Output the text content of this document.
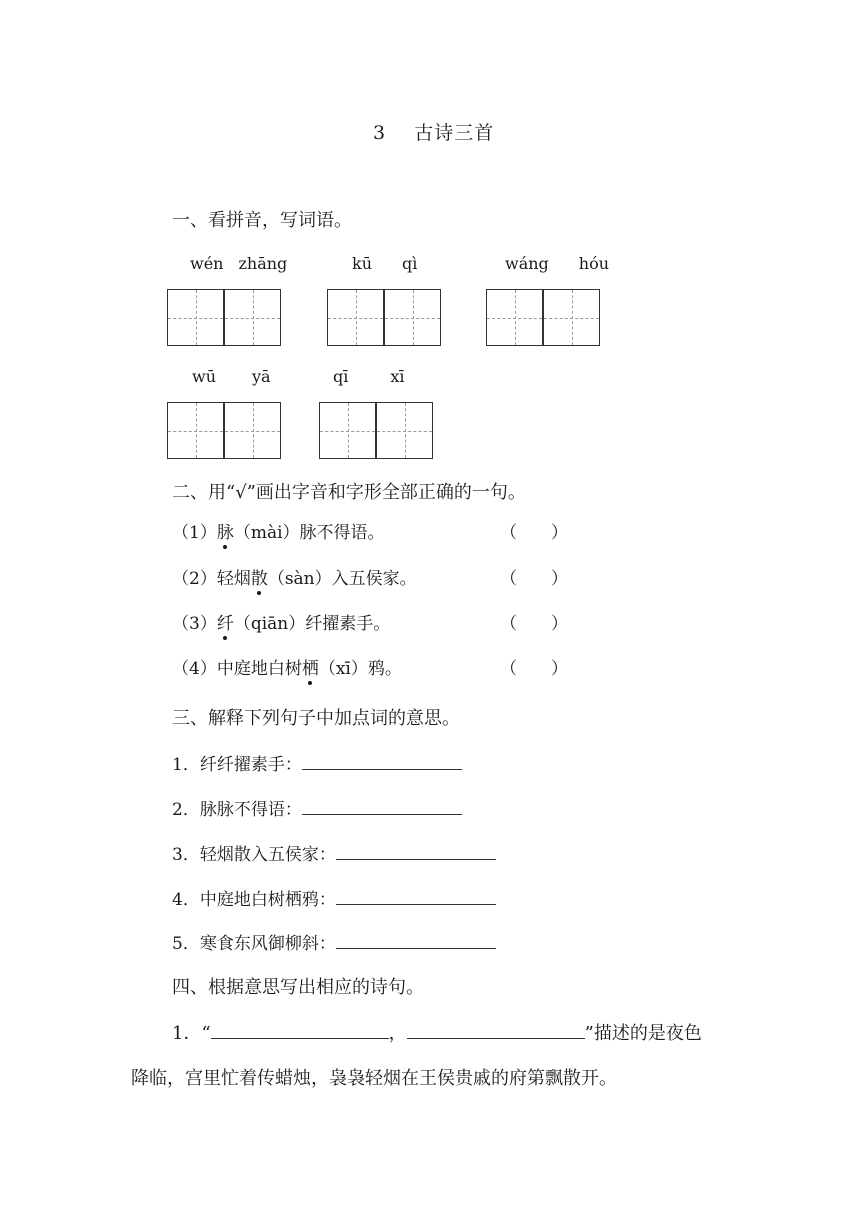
3 古诗三首
一、看拼音，写词语。
wén zhāng	kū qì	wáng hóu
wū yā	qī	xī
二、用“√”画出字音和字形全部正确的一句。
（1）脉（mài）脉不得语。	（　　）
（2）轻烟散（sàn）入五侯家。	（　　）
（3）纤（qiān）纤擢素手。	（　　）
（4）中庭地白树栖（xī）鸦。	（　　）
三、解释下列句子中加点词的意思。
1．纤纤擢素手：
2．脉脉不得语：
3．轻烟散入五侯家：
4．中庭地白树栖鸦：
5．寒食东风御柳斜：
四、根据意思写出相应的诗句。
1．“	，	”描述的是夜色
降临，宫里忙着传蜡烛，袅袅轻烟在王侯贵戚的府第飘散开。
